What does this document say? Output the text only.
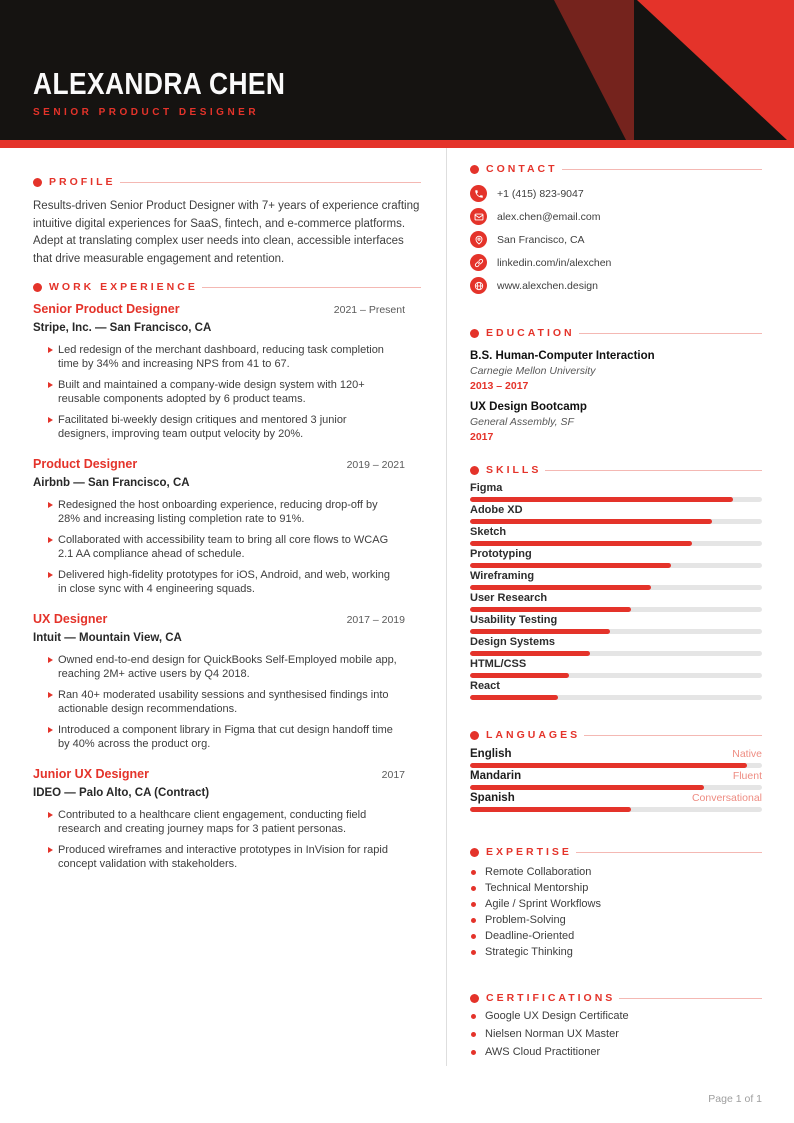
ALEXANDRA CHEN
SENIOR PRODUCT DESIGNER
PROFILE
Results-driven Senior Product Designer with 7+ years of experience crafting intuitive digital experiences for SaaS, fintech, and e-commerce platforms. Adept at translating complex user needs into clean, accessible interfaces that drive measurable engagement and retention.
WORK EXPERIENCE
Senior Product Designer	2021 – Present
Stripe, Inc. — San Francisco, CA
Led redesign of the merchant dashboard, reducing task completion time by 34% and increasing NPS from 41 to 67.
Built and maintained a company-wide design system with 120+ reusable components adopted by 6 product teams.
Facilitated bi-weekly design critiques and mentored 3 junior designers, improving team output velocity by 20%.
Product Designer	2019 – 2021
Airbnb — San Francisco, CA
Redesigned the host onboarding experience, reducing drop-off by 28% and increasing listing completion rate to 91%.
Collaborated with accessibility team to bring all core flows to WCAG 2.1 AA compliance ahead of schedule.
Delivered high-fidelity prototypes for iOS, Android, and web, working in close sync with 4 engineering squads.
UX Designer	2017 – 2019
Intuit — Mountain View, CA
Owned end-to-end design for QuickBooks Self-Employed mobile app, reaching 2M+ active users by Q4 2018.
Ran 40+ moderated usability sessions and synthesised findings into actionable design recommendations.
Introduced a component library in Figma that cut design handoff time by 40% across the product org.
Junior UX Designer	2017
IDEO — Palo Alto, CA (Contract)
Contributed to a healthcare client engagement, conducting field research and creating journey maps for 3 patient personas.
Produced wireframes and interactive prototypes in InVision for rapid concept validation with stakeholders.
CONTACT
+1 (415) 823-9047
alex.chen@email.com
San Francisco, CA
linkedin.com/in/alexchen
www.alexchen.design
EDUCATION
B.S. Human-Computer Interaction
Carnegie Mellon University
2013 – 2017
UX Design Bootcamp
General Assembly, SF
2017
SKILLS
Figma
Adobe XD
Sketch
Prototyping
Wireframing
User Research
Usability Testing
Design Systems
HTML/CSS
React
LANGUAGES
English	Native
Mandarin	Fluent
Spanish	Conversational
EXPERTISE
Remote Collaboration
Technical Mentorship
Agile / Sprint Workflows
Problem-Solving
Deadline-Oriented
Strategic Thinking
CERTIFICATIONS
Google UX Design Certificate
Nielsen Norman UX Master
AWS Cloud Practitioner
Page 1 of 1
